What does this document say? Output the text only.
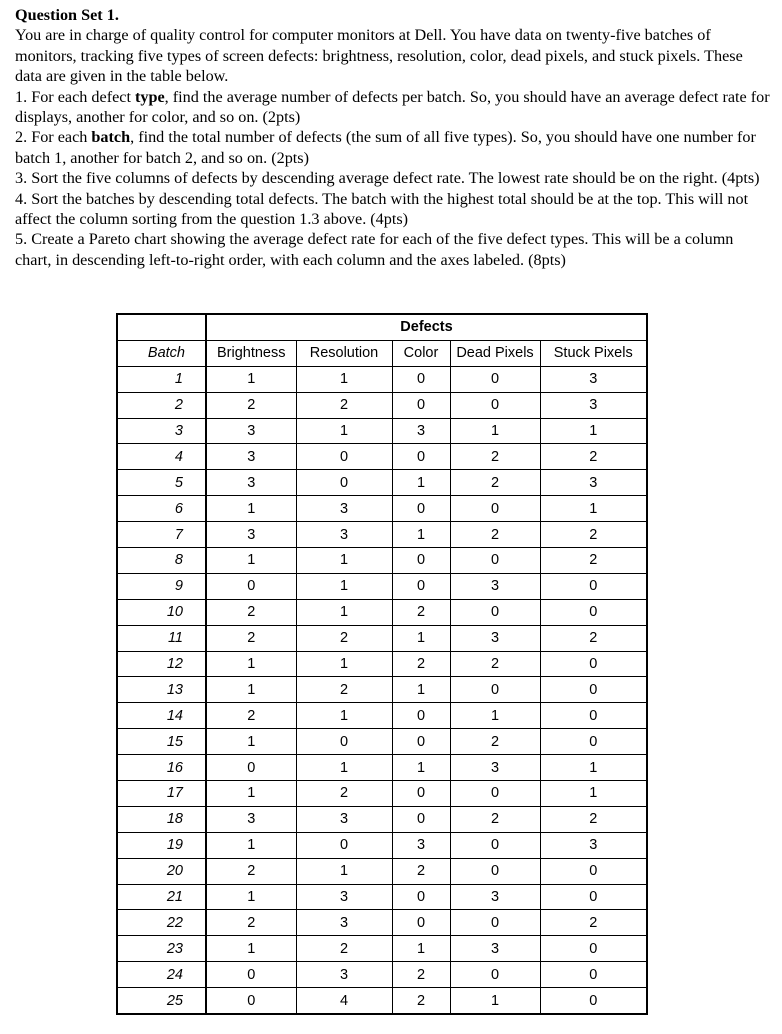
Question Set 1.

You are in charge of quality control for computer monitors at Dell. You have data on twenty-five batches of monitors, tracking five types of screen defects: brightness, resolution, color, dead pixels, and stuck pixels. These data are given in the table below.

1. For each defect type, find the average number of defects per batch. So, you should have an average defect rate for displays, another for color, and so on. (2pts)

2. For each batch, find the total number of defects (the sum of all five types). So, you should have one number for batch 1, another for batch 2, and so on. (2pts)

3. Sort the five columns of defects by descending average defect rate. The lowest rate should be on the right. (4pts)

4. Sort the batches by descending total defects. The batch with the highest total should be at the top. This will not affect the column sorting from the question 1.3 above. (4pts)

5. Create a Pareto chart showing the average defect rate for each of the five defect types. This will be a column chart, in descending left-to-right order, with each column and the axes labeled. (8pts)

	Defects				
Batch	Brightness	Resolution	Color	Dead Pixels	Stuck Pixels
1	1	1	0	0	3
2	2	2	0	0	3
3	3	1	3	1	1
4	3	0	0	2	2
5	3	0	1	2	3
6	1	3	0	0	1
7	3	3	1	2	2
8	1	1	0	0	2
9	0	1	0	3	0
10	2	1	2	0	0
11	2	2	1	3	2
12	1	1	2	2	0
13	1	2	1	0	0
14	2	1	0	1	0
15	1	0	0	2	0
16	0	1	1	3	1
17	1	2	0	0	1
18	3	3	0	2	2
19	1	0	3	0	3
20	2	1	2	0	0
21	1	3	0	3	0
22	2	3	0	0	2
23	1	2	1	3	0
24	0	3	2	0	0
25	0	4	2	1	0
